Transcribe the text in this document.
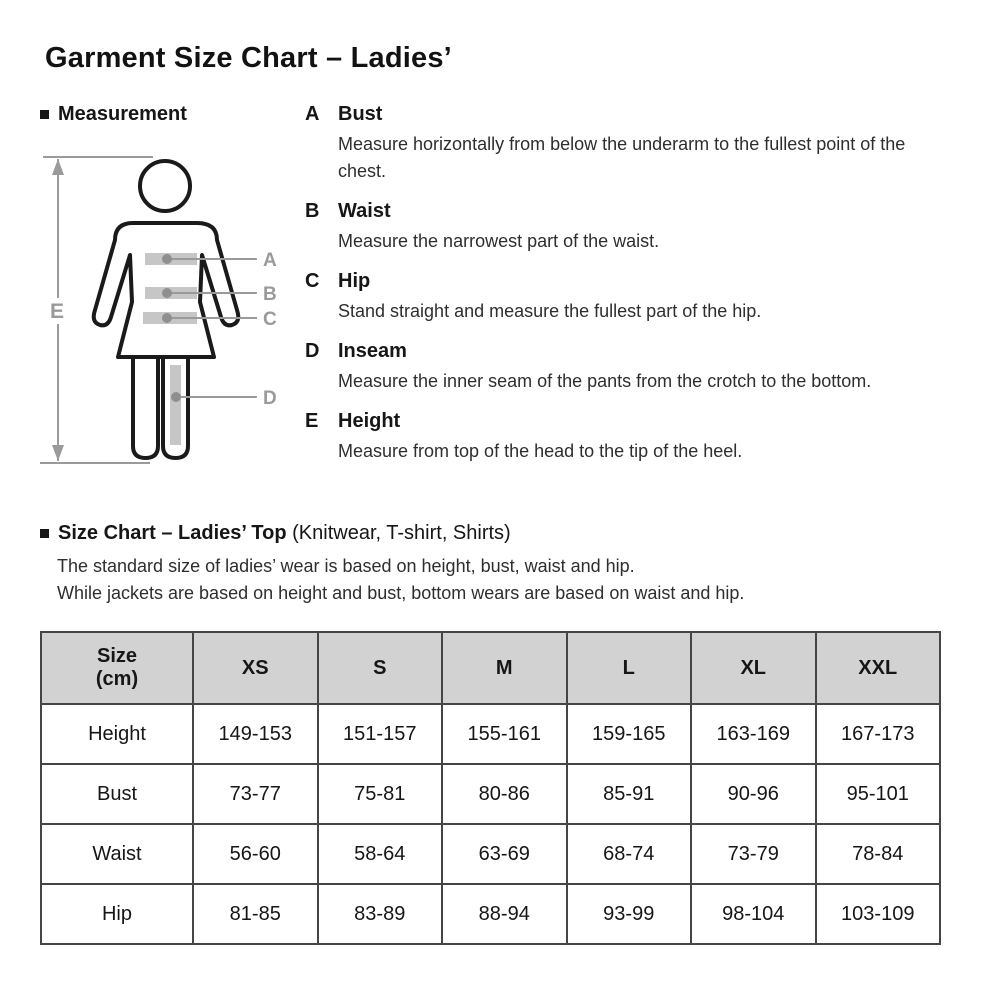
Garment Size Chart – Ladies’
Measurement
A
B
C
D
E
A Bust
Measure horizontally from below the underarm to the fullest point of the chest.
B Waist
Measure the narrowest part of the waist.
C Hip
Stand straight and measure the fullest part of the hip.
D Inseam
Measure the inner seam of the pants from the crotch to the bottom.
E Height
Measure from top of the head to the tip of the heel.
Size Chart – Ladies’ Top (Knitwear, T-shirt, Shirts)
The standard size of ladies’ wear is based on height, bust, waist and hip.
While jackets are based on height and bust, bottom wears are based on waist and hip.
Size
(cm)	XS	S	M	L	XL	XXL
Height	149-153	151-157	155-161	159-165	163-169	167-173
Bust	73-77	75-81	80-86	85-91	90-96	95-101
Waist	56-60	58-64	63-69	68-74	73-79	78-84
Hip	81-85	83-89	88-94	93-99	98-104	103-109
